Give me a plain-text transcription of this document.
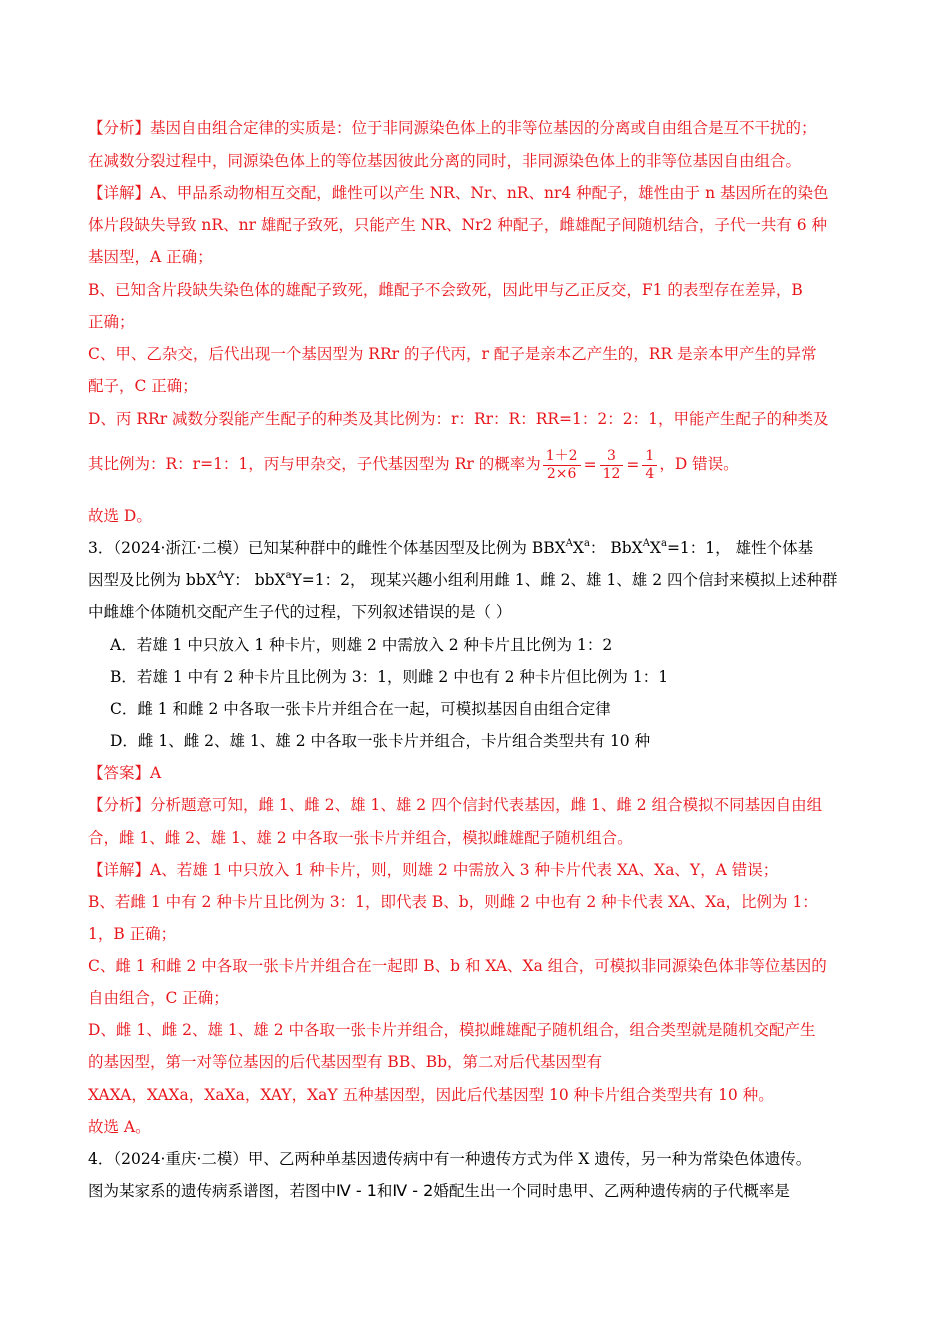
【分析】基因自由组合定律的实质是：位于非同源染色体上的非等位基因的分离或自由组合是互不干扰的；
在减数分裂过程中，同源染色体上的等位基因彼此分离的同时，非同源染色体上的非等位基因自由组合。
【详解】A、甲品系动物相互交配，雌性可以产生 NR、Nr、nR、nr4 种配子，雄性由于 n 基因所在的染色
体片段缺失导致 nR、nr 雄配子致死，只能产生 NR、Nr2 种配子，雌雄配子间随机结合，子代一共有 6 种
基因型，A 正确；
B、已知含片段缺失染色体的雄配子致死，雌配子不会致死，因此甲与乙正反交，F1 的表型存在差异，B
正确；
C、甲、乙杂交，后代出现一个基因型为 RRr 的子代丙，r 配子是亲本乙产生的，RR 是亲本甲产生的异常
配子，C 正确；
D、丙 RRr 减数分裂能产生配子的种类及其比例为：r：Rr：R：RR=1：2：2：1，甲能产生配子的种类及
其比例为：R：r=1：1，丙与甲杂交，子代基因型为 Rr 的概率为 $\frac{1+2}{2\times 6} = \frac{3}{12} = \frac{1}{4}$ ，D 错误。
故选 D。
3．（2024·浙江·二模）已知某种群中的雌性个体基因型及比例为 $BBX^AX^a$： $BbX^AX^a=1$：1， 雄性个体基
因型及比例为 bbX$^A$Y： bbX$^a$Y=1：2， 现某兴趣小组利用雌 1、雌 2、雄 1、雄 2 四个信封来模拟上述种群
中雌雄个体随机交配产生子代的过程，下列叙述错误的是（ ）
A．若雄 1 中只放入 1 种卡片，则雄 2 中需放入 2 种卡片且比例为 1：2
B．若雄 1 中有 2 种卡片且比例为 3：1，则雌 2 中也有 2 种卡片但比例为 1：1
C．雌 1 和雌 2 中各取一张卡片并组合在一起，可模拟基因自由组合定律
D．雌 1、雌 2、雄 1、雄 2 中各取一张卡片并组合，卡片组合类型共有 10 种
【答案】A
【分析】分析题意可知，雌 1、雌 2、雄 1、雄 2 四个信封代表基因，雌 1、雌 2 组合模拟不同基因自由组
合，雌 1、雌 2、雄 1、雄 2 中各取一张卡片并组合，模拟雌雄配子随机组合。
【详解】A、若雄 1 中只放入 1 种卡片，则，则雄 2 中需放入 3 种卡片代表 XA、Xa、Y，A 错误；
B、若雌 1 中有 2 种卡片且比例为 3：1，即代表 B、b，则雌 2 中也有 2 种卡代表 XA、Xa，比例为 1：
1，B 正确；
C、雌 1 和雌 2 中各取一张卡片并组合在一起即 B、b 和 XA、Xa 组合，可模拟非同源染色体非等位基因的
自由组合，C 正确；
D、雌 1、雌 2、雄 1、雄 2 中各取一张卡片并组合，模拟雌雄配子随机组合，组合类型就是随机交配产生
的基因型，第一对等位基因的后代基因型有 BB、Bb，第二对后代基因型有
XAXA，XAXa，XaXa，XAY，XaY 五种基因型，因此后代基因型 10 种卡片组合类型共有 10 种。
故选 A。
4．（2024·重庆·二模）甲、乙两种单基因遗传病中有一种遗传方式为伴 X 遗传，另一种为常染色体遗传。
图为某家系的遗传病系谱图，若图中Ⅳ - 1和Ⅳ - 2婚配生出一个同时患甲、乙两种遗传病的子代概率是
